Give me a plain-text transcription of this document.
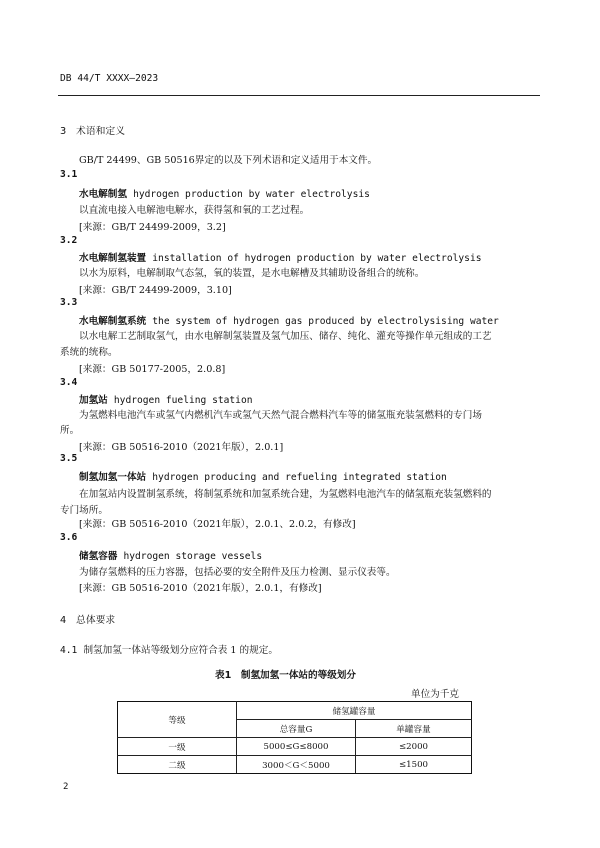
DB 44/T XXXX—2023
3　术语和定义
GB/T 24499、GB 50516界定的以及下列术语和定义适用于本文件。
3.1
水电解制氢 hydrogen production by water electrolysis
以直流电接入电解池电解水，获得氢和氧的工艺过程。
[来源：GB/T 24499-2009，3.2]
3.2
水电解制氢装置 installation of hydrogen production by water electrolysis
以水为原料，电解制取气态氢，氧的装置，是水电解槽及其辅助设备组合的统称。
[来源：GB/T 24499-2009，3.10]
3.3
水电解制氢系统 the system of hydrogen gas produced by electrolysising water
以水电解工艺制取氢气，由水电解制氢装置及氢气加压、储存、纯化、灌充等操作单元组成的工艺
系统的统称。
[来源：GB 50177-2005，2.0.8]
3.4
加氢站 hydrogen fueling station
为氢燃料电池汽车或氢气内燃机汽车或氢气天然气混合燃料汽车等的储氢瓶充装氢燃料的专门场
所。
[来源：GB 50516-2010（2021年版），2.0.1]
3.5
制氢加氢一体站 hydrogen producing and refueling integrated station
在加氢站内设置制氢系统，将制氢系统和加氢系统合建，为氢燃料电池汽车的储氢瓶充装氢燃料的
专门场所。
[来源：GB 50516-2010（2021年版），2.0.1、2.0.2，有修改]
3.6
储氢容器 hydrogen storage vessels
为储存氢燃料的压力容器，包括必要的安全附件及压力检测、显示仪表等。
[来源：GB 50516-2010（2021年版），2.0.1，有修改]
4　总体要求
4.1 制氢加氢一体站等级划分应符合表 1 的规定。
表1　制氢加氢一体站的等级划分
单位为千克
等级	储氢罐容量	
	总容量G	单罐容量
一级	5000≤G≤8000	≤2000
二级	3000＜G＜5000	≤1500
2
